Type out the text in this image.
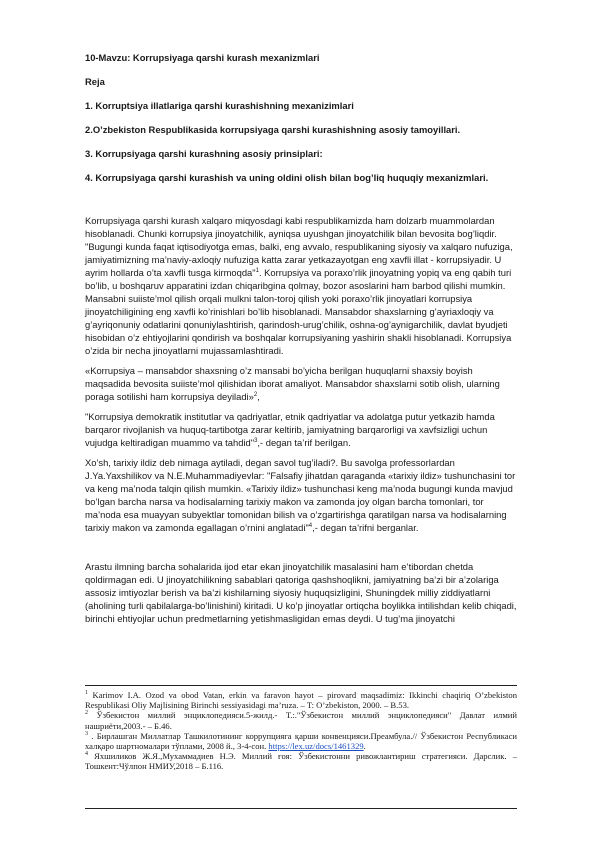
10-Mavzu: Korrupsiyaga qarshi kurash mexanizmlari
Reja
1. Korruptsiya illatlariga qarshi kurashishning mexanizimlari
2.O’zbekiston Respublikasida korrupsiyaga qarshi kurashishning asosiy tamoyillari.
3. Korrupsiyaga qarshi kurashning asosiy prinsiplari:
4. Korrupsiyaga qarshi kurashish va uning oldini olish bilan bog’liq huquqiy mexanizmlari.

Korrupsiyaga qarshi kurash xalqaro miqyosdagi kabi respublikamizda ham dolzarb muammolardan hisoblanadi. Chunki korrupsiya jinoyatchilik, ayniqsa uyushgan jinoyatchilik bilan bevosita bog’liqdir. "Bugungi kunda faqat iqtisodiyotga emas, balki, eng avvalo, respublikaning siyosiy va xalqaro nufuziga, jamiyatimizning ma’naviy-axloqiy nufuziga katta zarar yetkazayotgan eng xavfli illat - korrupsiyadir. U ayrim hollarda o’ta xavfli tusga kirmoqda"$^1$. Korrupsiya va poraxo’rlik jinoyatning yopiq va eng qabih turi bo’lib, u boshqaruv apparatini izdan chiqaribgina qolmay, bozor asoslarini ham barbod qilishi mumkin. Mansabni suiiste’mol qilish orqali mulkni talon-toroj qilish yoki poraxo’rlik jinoyatlari korrupsiya jinoyatchiligining eng xavfli ko’rinishlari bo’lib hisoblanadi. Mansabdor shaxslarning g’ayriaxloqiy va g’ayriqonuniy odatlarini qonuniylashtirish, qarindosh-urug’chilik, oshna-og’aynigarchilik, davlat byudjeti hisobidan o’z ehtiyojlarini qondirish va boshqalar korrupsiyaning yashirin shakli hisoblanadi. Korrupsiya o’zida bir necha jinoyatlarni mujassamlashtiradi.

«Korrupsiya – mansabdor shaxsning o’z mansabi bo’yicha berilgan huquqlarni shaxsiy boyish maqsadida bevosita suiiste’mol qilishidan iborat amaliyot. Mansabdor shaxslarni sotib olish, ularning poraga sotilishi ham korrupsiya deyiladi»$^2$,

"Korrupsiya demokratik institutlar va qadriyatlar, etnik qadriyatlar va adolatga putur yetkazib hamda barqaror rivojlanish va huquq-tartibotga zarar keltirib, jamiyatning barqarorligi va xavfsizligi uchun vujudga keltiradigan muammo va tahdid"$^3$,- degan ta’rif berilgan.

Xo’sh, tarixiy ildiz deb nimaga aytiladi, degan savol tug’iladi?. Bu savolga professorlardan J.Ya.Yaxshilikov va N.E.Muhammadiyevlar: "Falsafiy jihatdan qaraganda «tarixiy ildiz» tushunchasini tor va keng ma’noda talqin qilish mumkin. «Tarixiy ildiz» tushunchasi keng ma’noda bugungi kunda mavjud bo’lgan barcha narsa va hodisalarning tarixiy makon va zamonda joy olgan barcha tomonlari, tor ma’noda esa muayyan subyektlar tomonidan bilish va o’zgartirishga qaratilgan narsa va hodisalarning tarixiy makon va zamonda egallagan o’rnini anglatadi"$^4$,- degan ta’rifni berganlar.

Arastu ilmning barcha sohalarida ijod etar ekan jinoyatchilik masalasini ham e’tibordan chetda qoldirmagan edi. U jinoyatchilikning sabablari qatoriga qashshoqlikni, jamiyatning ba’zi bir a’zolariga assosiz imtiyozlar berish va ba’zi kishilarning siyosiy huquqsizligini, Shuningdek milliy ziddiyatlarni (aholining turli qabilalarga-bo’linishini) kiritadi. U ko’p jinoyatlar ortiqcha boylikka intilishdan kelib chiqadi, birinchi ehtiyojlar uchun predmetlarning yetishmasligidan emas deydi. U tug’ma jinoyatchi

$^1$ Karimov I.A. Ozod va obod Vatan, erkin va faravon hayot – pirovard maqsadimiz: Ikkinchi chaqiriq O’zbekiston Respublikasi Oliy Majlisining Birinchi sessiyasidagi ma’ruza. – T: O’zbekiston, 2000. – B.53.
$^2$ Ўзбекистон миллий энциклопедияси.5-жилд.- Т.:."Ўзбекистон миллий энциклопедияси" Давлат илмий нашриёти,2003.- – Б.46.
$^3$ . Бирлашган Миллатлар Ташкилотининг коррупцияга қарши конвенцияси.Преамбула.// Ўзбекистон Республикаси халқаро шартномалари тўплами, 2008 й., 3-4-сон. https://lex.uz/docs/1461329.
$^4$ Яхшиликов Ж.Я.,Мухаммадиев Н.Э. Миллий ғоя: Ўзбекистонни ривожлантириш стратегияси. Дарслик. – Тошкент:Чўлпон НМИУ,2018 – Б.116.
